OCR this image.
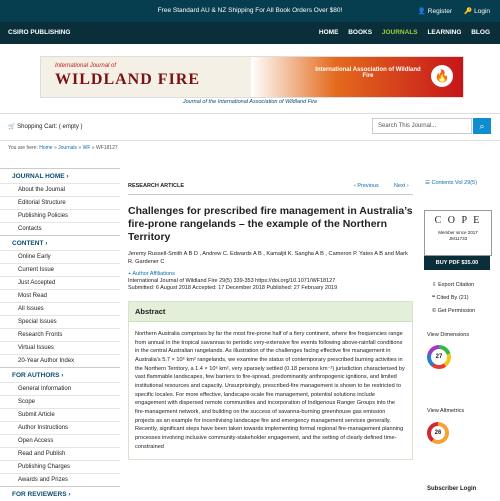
Free Standard AU & NZ Shipping For All Book Orders Over $80!	👤 Register 🔑 Login
CSIRO PUBLISHING	HOME BOOKS JOURNALS LEARNING BLOG
International Journal of
WILDLAND FIRE
International Association of Wildland Fire	🔥
Journal of the International Association of Wildland Fire
🛒 Shopping Cart: ( empty )	Search This Journal...	⌕
You are here: Home » Journals » WF » WF18127
JOURNAL HOME ›
About the Journal
Editorial Structure
Publishing Policies
Contacts
CONTENT ›
Online Early
Current Issue
Just Accepted
Most Read
All Issues
Special Issues
Research Fronts
Virtual Issues
20-Year Author Index
FOR AUTHORS ›
General Information
Scope
Submit Article
Author Instructions
Open Access
Read and Publish
Publishing Charges
Awards and Prizes
FOR REVIEWERS ›
RESEARCH ARTICLE	‹ Previous	Next ›
Challenges for prescribed fire management in Australia’s fire-prone rangelands – the example of the Northern Territory
Jeremy Russell-Smith A B D , Andrew C. Edwards A B , Kamaljit K. Sangha A B , Cameron P. Yates A B and Mark R. Gardener C
+ Author Affiliations
International Journal of Wildland Fire 29(5) 339-353 https://doi.org/10.1071/WF18127
Submitted: 6 August 2018 Accepted: 17 December 2018 Published: 27 February 2019
Abstract
Northern Australia comprises by far the most fire-prone half of a fiery continent, where fire frequencies range from annual in the tropical savannas to periodic very-extensive fire events following above-rainfall conditions in the central Australian rangelands. As illustration of the challenges facing effective fire management in Australia’s 5.7 × 10⁶ km² rangelands, we examine the status of contemporary prescribed burning activities in the Northern Territory, a 1.4 × 10⁶ km², very sparsely settled (0.18 persons km⁻²) jurisdiction characterised by vast flammable landscapes, few barriers to fire-spread, predominantly anthropogenic ignitions, and limited institutional resources and capacity. Unsurprisingly, prescribed-fire management is shown to be restricted to specific locales. For more effective, landscape-scale fire management, potential solutions include engagement with dispersed remote communities and incorporation of Indigenous Ranger Groups into the fire-management network, and building on the success of savanna-burning greenhouse gas emission projects as an example for incentivising landscape fire and emergency management services generally. Recently, significant steps have been taken towards implementing formal regional fire-management planning processes involving inclusive community-stakeholder engagement, and the setting of clearly defined time-constrained
☰ Contents Vol 29(5)
C O P E
Member since 2017
JM11733
BUY PDF $35.00
⇩ Export Citation
❝ Cited By (21)
© Get Permission
View Dimensions
27
View Altmetrics
26
Subscriber Login
